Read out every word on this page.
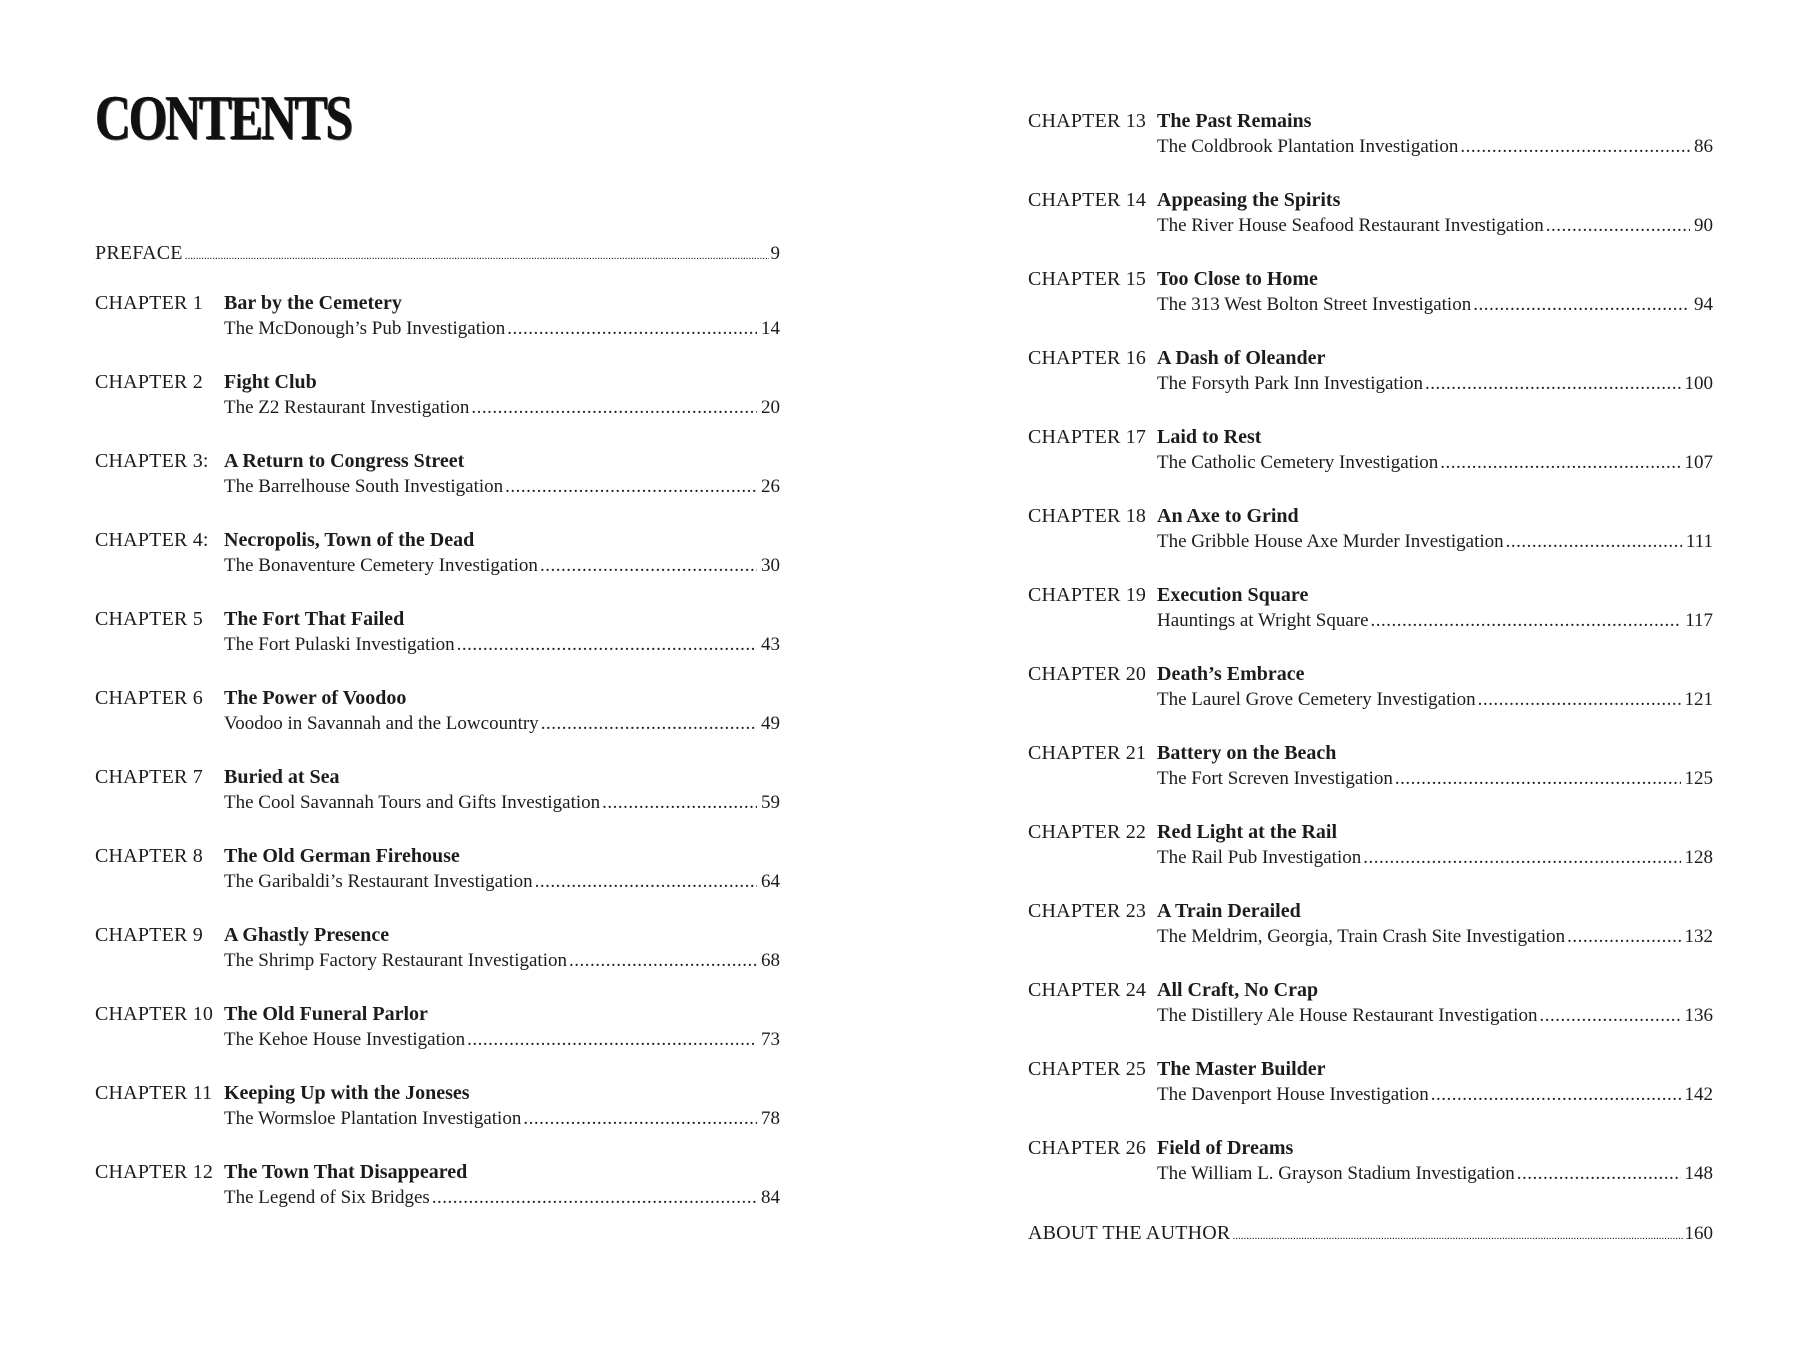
CONTENTS
PREFACE .....	9
CHAPTER 1 Bar by the Cemetery
The McDonough’s Pub Investigation .....	14
CHAPTER 2 Fight Club
The Z2 Restaurant Investigation .....	20
CHAPTER 3: A Return to Congress Street
The Barrelhouse South Investigation .....	26
CHAPTER 4: Necropolis, Town of the Dead
The Bonaventure Cemetery Investigation .....	30
CHAPTER 5 The Fort That Failed
The Fort Pulaski Investigation .....	43
CHAPTER 6 The Power of Voodoo
Voodoo in Savannah and the Lowcountry .....	49
CHAPTER 7 Buried at Sea
The Cool Savannah Tours and Gifts Investigation .....	59
CHAPTER 8 The Old German Firehouse
The Garibaldi’s Restaurant Investigation .....	64
CHAPTER 9 A Ghastly Presence
The Shrimp Factory Restaurant Investigation .....	68
CHAPTER 10 The Old Funeral Parlor
The Kehoe House Investigation .....	73
CHAPTER 11 Keeping Up with the Joneses
The Wormsloe Plantation Investigation .....	78
CHAPTER 12 The Town That Disappeared
The Legend of Six Bridges .....	84
CHAPTER 13 The Past Remains
The Coldbrook Plantation Investigation .....	86
CHAPTER 14 Appeasing the Spirits
The River House Seafood Restaurant Investigation .....	90
CHAPTER 15 Too Close to Home
The 313 West Bolton Street Investigation .....	94
CHAPTER 16 A Dash of Oleander
The Forsyth Park Inn Investigation .....	100
CHAPTER 17 Laid to Rest
The Catholic Cemetery Investigation .....	107
CHAPTER 18 An Axe to Grind
The Gribble House Axe Murder Investigation .....	111
CHAPTER 19 Execution Square
Hauntings at Wright Square .....	117
CHAPTER 20 Death’s Embrace
The Laurel Grove Cemetery Investigation .....	121
CHAPTER 21 Battery on the Beach
The Fort Screven Investigation .....	125
CHAPTER 22 Red Light at the Rail
The Rail Pub Investigation .....	128
CHAPTER 23 A Train Derailed
The Meldrim, Georgia, Train Crash Site Investigation .....	132
CHAPTER 24 All Craft, No Crap
The Distillery Ale House Restaurant Investigation .....	136
CHAPTER 25 The Master Builder
The Davenport House Investigation .....	142
CHAPTER 26 Field of Dreams
The William L. Grayson Stadium Investigation .....	148
ABOUT THE AUTHOR .....	160
